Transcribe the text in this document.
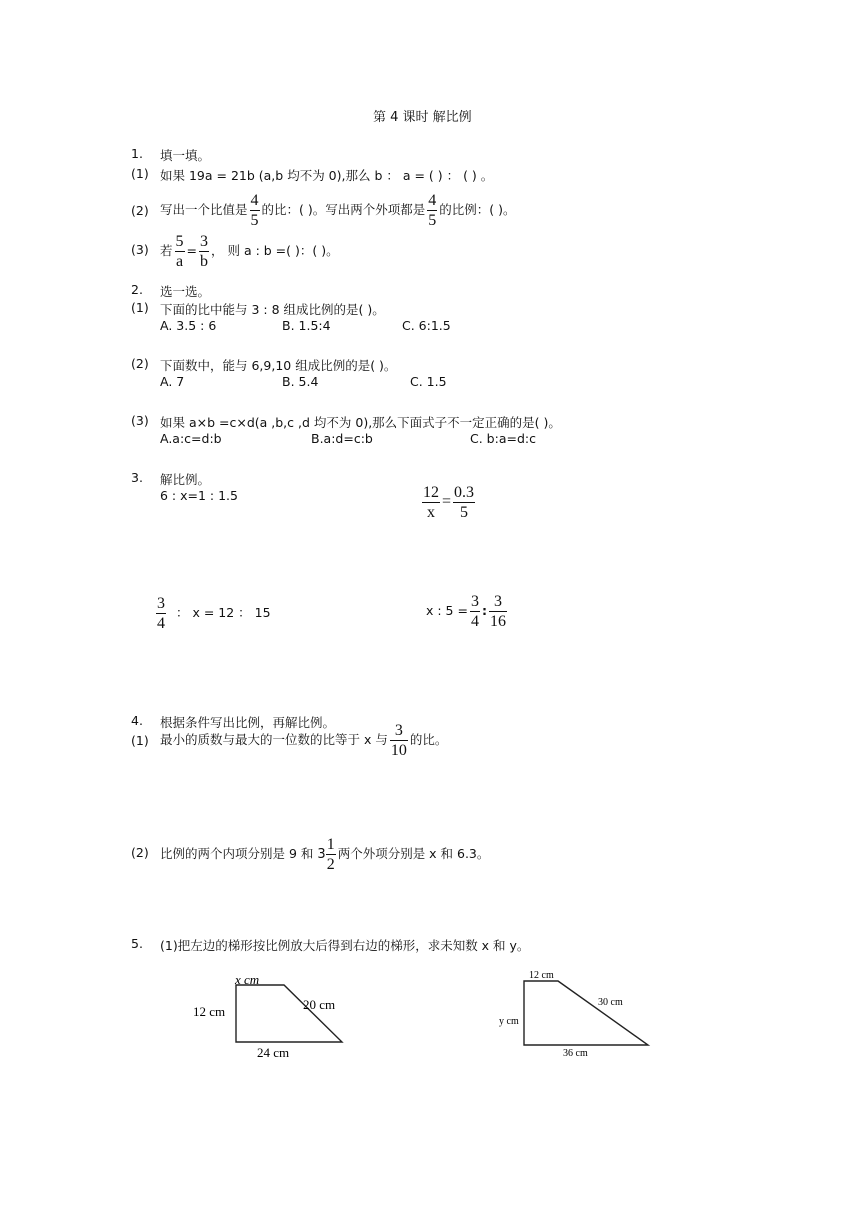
第 4 课时 解比例
1. 填一填。
(1) 如果 19a = 21b (a,b 均不为 0),那么 b ： a = ( ) ： ( ) 。
(2) 写出一个比值是 $\frac{4}{5}$ 的比：( )。写出两个外项都是 $\frac{4}{5}$ 的比例：( )。
(3) 若 $\frac{5}{a} = \frac{3}{b}$ ， 则 a : b =( )：( )。
2. 选一选。
(1) 下面的比中能与 3 : 8 组成比例的是( )。
A. 3.5 : 6	B. 1.5:4	C. 6:1.5
(2) 下面数中，能与 6,9,10 组成比例的是( )。
A. 7	B. 5.4	C. 1.5
(3) 如果 a×b =c×d(a ,b,c ,d 均不为 0),那么下面式子不一定正确的是( )。
A.a:c=d:b	B.a:d=c:b	C. b:a=d:c
3. 解比例。
6 : x=1 : 1.5	$\frac{12}{x} = \frac{0.3}{5}$
$\frac{3}{4}$ ： x = 12 ： 15	x : $5 = \frac{3}{4}$ : $\frac{3}{16}$
4. 根据条件写出比例，再解比例。
(1) 最小的质数与最大的一位数的比等于 x 与 $\frac{3}{10}$ 的比。
(2) 比例的两个内项分别是 9 和 $3 \frac{1}{2}$ 两个外项分别是 x 和 6.3。
5. (1)把左边的梯形按比例放大后得到右边的梯形，求未知数 x 和 y。
x cm
12 cm	20 cm
24 cm
12 cm
y cm
30 cm
36 cm
